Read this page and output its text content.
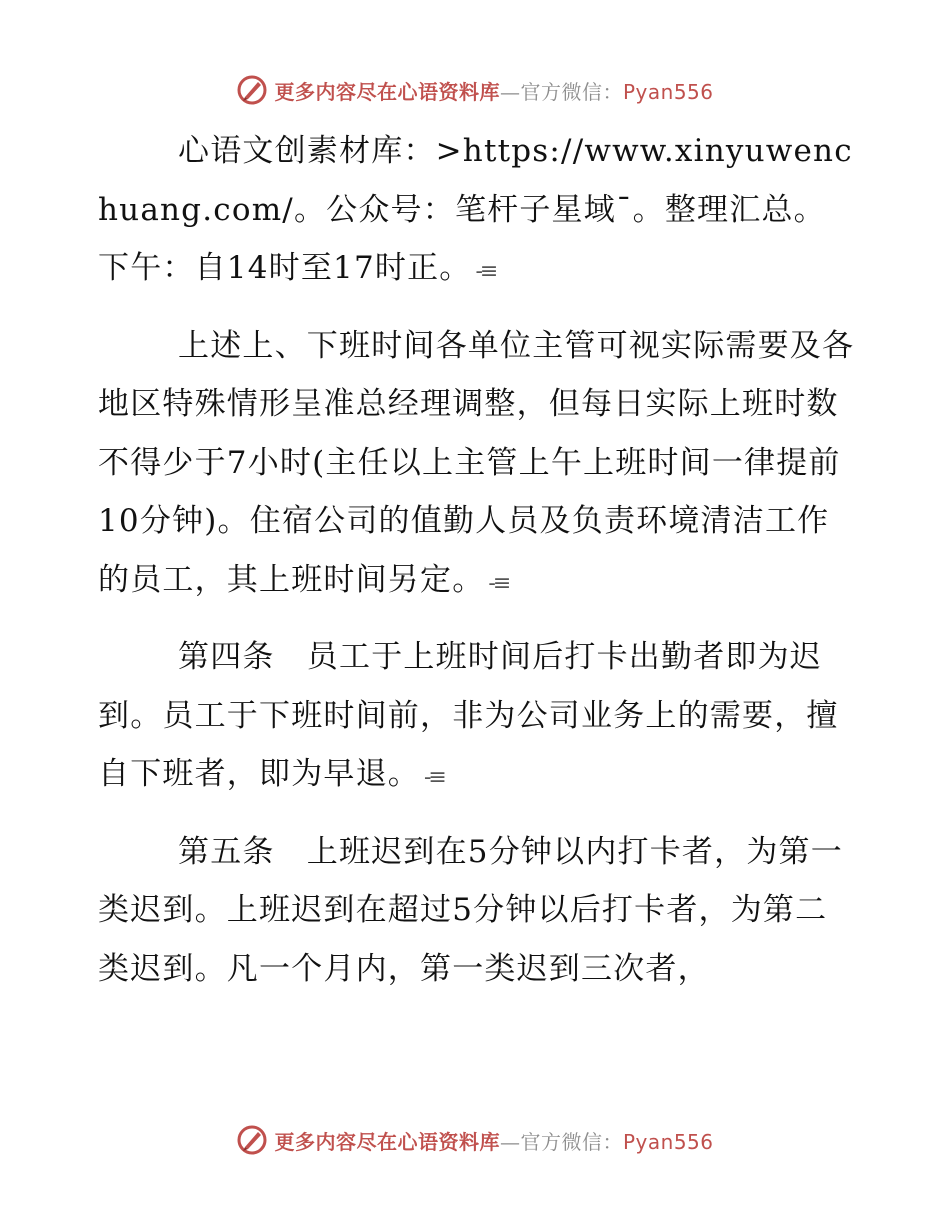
更多内容尽在心语资料库—官方微信：Pyan556

心语文创素材库：>https://www.xinyuwenchuang.com/。公众号：笔杆子星域¯。整理汇总。下午：自14时至17时正。 -≡

上述上、下班时间各单位主管可视实际需要及各地区特殊情形呈准总经理调整，但每日实际上班时数不得少于7小时(主任以上主管上午上班时间一律提前10分钟)。住宿公司的值勤人员及负责环境清洁工作的员工，其上班时间另定。 -≡

第四条　员工于上班时间后打卡出勤者即为迟到。员工于下班时间前，非为公司业务上的需要，擅自下班者，即为早退。 -≡

第五条　上班迟到在5分钟以内打卡者，为第一类迟到。上班迟到在超过5分钟以后打卡者，为第二类迟到。凡一个月内，第一类迟到三次者，

更多内容尽在心语资料库—官方微信：Pyan556
